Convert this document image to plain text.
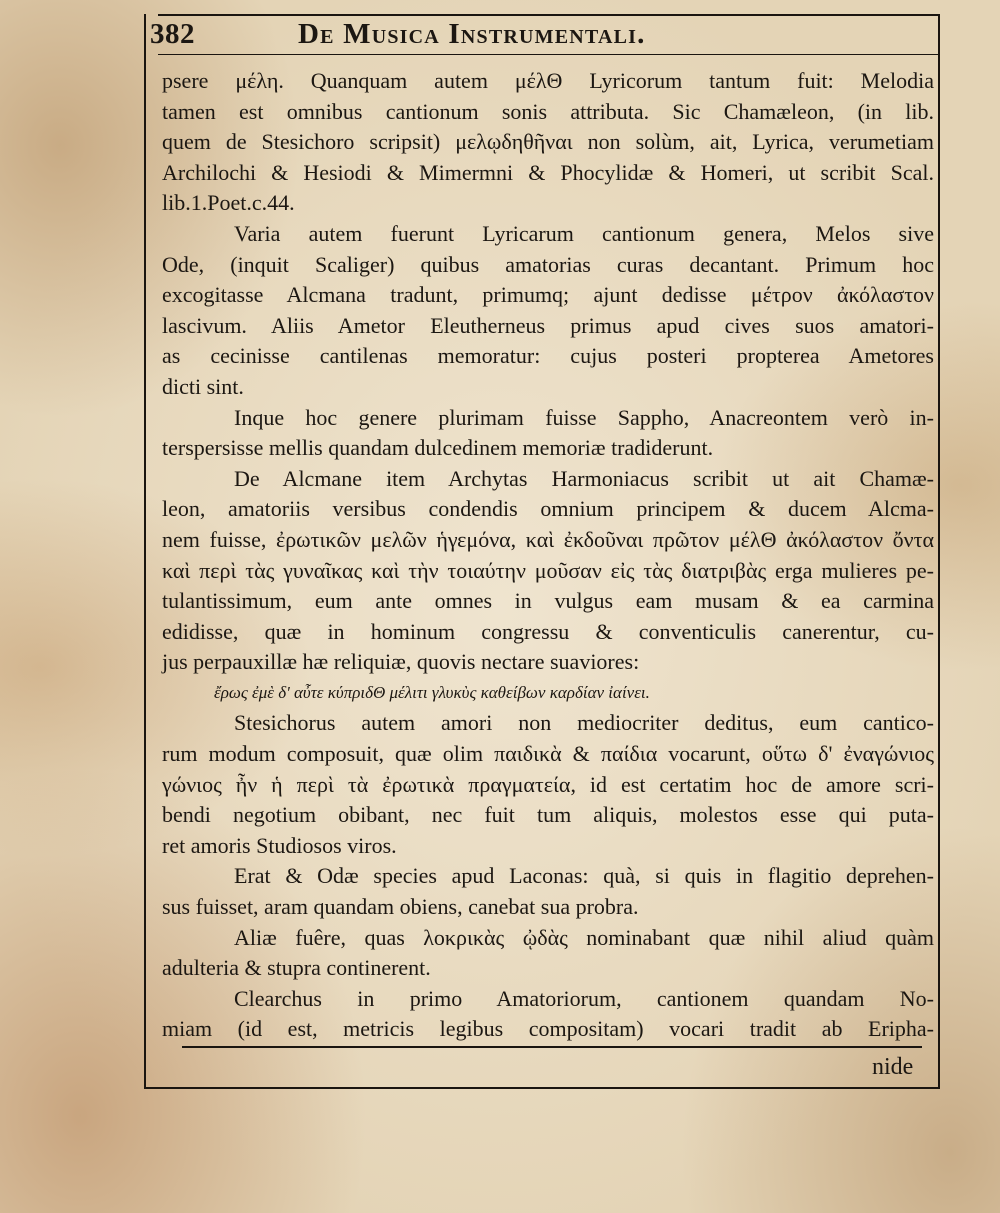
382	De Musica Instrumentali.
psere μέλη. Quanquam autem μέλΘ Lyricorum tantum fuit: Melodia
tamen est omnibus cantionum sonis attributa. Sic Chamæleon, (in lib.
quem de Stesichoro scripsit) μελῳδηθῆναι non solùm, ait, Lyrica, verumetiam
Archilochi & Hesiodi & Mimermni & Phocylidæ & Homeri, ut scribit Scal.
lib.1.Poet.c.44.
Varia autem fuerunt Lyricarum cantionum genera, Melos sive
Ode, (inquit Scaliger) quibus amatorias curas decantant. Primum hoc
excogitasse Alcmana tradunt, primumq; ajunt dedisse μέτρον ἀκόλαστον
lascivum. Aliis Ametor Eleutherneus primus apud cives suos amatori-
as cecinisse cantilenas memoratur: cujus posteri propterea Ametores
dicti sint.
Inque hoc genere plurimam fuisse Sappho, Anacreontem verò in-
terspersisse mellis quandam dulcedinem memoriæ tradiderunt.
De Alcmane item Archytas Harmoniacus scribit ut ait Chamæ-
leon, amatoriis versibus condendis omnium principem & ducem Alcma-
nem fuisse, ἐρωτικῶν μελῶν ἡγεμόνα, καὶ ἐκδοῦναι πρῶτον μέλΘ ἀκόλαστον ὄντα
καὶ περὶ τὰς γυναῖκας καὶ τὴν τοιαύτην μοῦσαν εἰς τὰς διατριβὰς erga mulieres pe-
tulantissimum, eum ante omnes in vulgus eam musam & ea carmina
edidisse, quæ in hominum congressu & conventiculis canerentur, cu-
jus perpauxillæ hæ reliquiæ, quovis nectare suaviores:
ἔρως ἐμὲ δ' αὖτε κύπριδΘ μέλιτι γλυκὺς καθείβων καρδίαν ἰαίνει.
Stesichorus autem amori non mediocriter deditus, eum cantico-
rum modum composuit, quæ olim παιδικὰ & παίδια vocarunt, οὕτω δ' ἐναγώνιος
γώνιος ἦν ἡ περὶ τὰ ἐρωτικὰ πραγματεία, id est certatim hoc de amore scri-
bendi negotium obibant, nec fuit tum aliquis, molestos esse qui puta-
ret amoris Studiosos viros.
Erat & Odæ species apud Laconas: quà, si quis in flagitio deprehen-
sus fuisset, aram quandam obiens, canebat sua probra.
Aliæ fuêre, quas λοκρικὰς ᾠδὰς nominabant quæ nihil aliud quàm
adulteria & stupra continerent.
Clearchus in primo Amatoriorum, cantionem quandam No-
miam (id est, metricis legibus compositam) vocari tradit ab Eripha-
nide
